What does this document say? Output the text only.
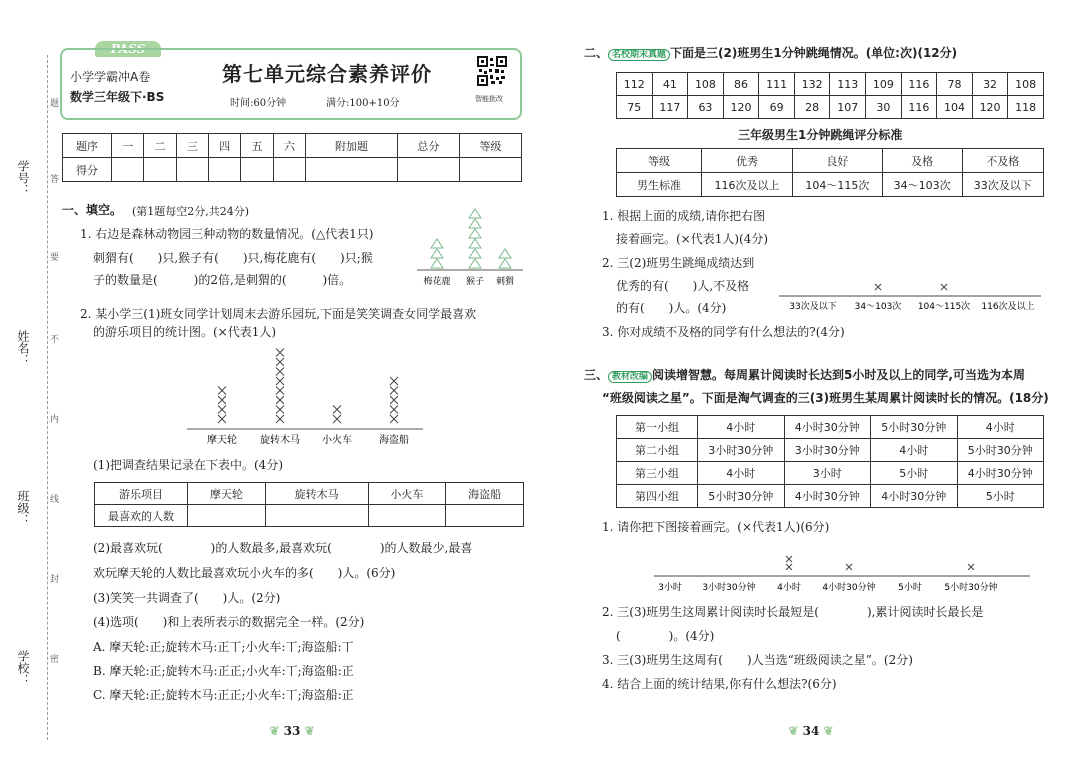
学号：
姓名：
班级：
学校：
题
答
要
不
内
线
封
密
PASS
小学学霸冲A卷
数学三年级下·BS
第七单元综合素养评价
时间:60分钟	满分:100+10分	智能批改
题序	一	二	三	四	五	六	附加题	总分	等级
得分									
一、填空。 (第1题每空2分,共24分)
1. 右边是森林动物园三种动物的数量情况。(△代表1只)
刺猬有(　　)只,猴子有(　　)只,梅花鹿有(　　)只;猴
子的数量是(　　　)的2倍,是刺猬的(　　　)倍。	梅花鹿 猴子 刺猬
2. 某小学三(1)班女同学计划周末去游乐园玩,下面是笑笑调查女同学最喜欢
的游乐项目的统计图。(×代表1人)
摩天轮 旋转木马 小火车	海盗船
(1)把调查结果记录在下表中。(4分)
游乐项目	摩天轮	旋转木马	小火车	海盗船
最喜欢的人数				
(2)最喜欢玩(　　　　)的人数最多,最喜欢玩(　　　　)的人数最少,最喜
欢玩摩天轮的人数比最喜欢玩小火车的多(　　)人。(6分)
(3)笑笑一共调查了(　　)人。(2分)
(4)选项(　　)和上表所表示的数据完全一样。(2分)
A. 摩天轮:正;旋转木马:正丅;小火车:丅;海盗船:丅
B. 摩天轮:正;旋转木马:正正;小火车:丅;海盗船:正
C. 摩天轮:正;旋转木马:正正;小火车:丅;海盗船:正
❦ 33 ❦	❦ 34 ❦
二、 名校期末真题 下面是三(2)班男生1分钟跳绳情况。(单位:次)(12分)
112	41	108	86	111	132	113	109	116	78	32	108
75	117	63	120	69	28	107	30	116	104	120	118
三年级男生1分钟跳绳评分标准
等级	优秀	良好	及格	不及格
男生标准	116次及以上	104～115次	34～103次	33次及以下
1. 根据上面的成绩,请你把右图
接着画完。(×代表1人)(4分)
2. 三(2)班男生跳绳成绩达到
优秀的有(　　)人,不及格
的有(　　)人。(4分)	33次及以下 34～103次 104～115次 116次及以上
3. 你对成绩不及格的同学有什么想法的?(4分)
三、 教材改编 阅读增智慧。每周累计阅读时长达到5小时及以上的同学,可当选为本周
“班级阅读之星”。下面是淘气调查的三(3)班男生某周累计阅读时长的情况。(18分)
第一小组	4小时	4小时30分钟	5小时30分钟	4小时
第二小组	3小时30分钟	3小时30分钟	4小时	5小时30分钟
第三小组	4小时	3小时	5小时	4小时30分钟
第四小组	5小时30分钟	4小时30分钟	4小时30分钟	5小时
1. 请你把下图接着画完。(×代表1人)(6分)
3小时 3小时30分钟 4小时 4小时30分钟	5小时	5小时30分钟
2. 三(3)班男生这周累计阅读时长最短是(　　　　),累计阅读时长最长是
(　　　　)。(4分)
3. 三(3)班男生这周有(　　)人当选“班级阅读之星”。(2分)
4. 结合上面的统计结果,你有什么想法?(6分)
